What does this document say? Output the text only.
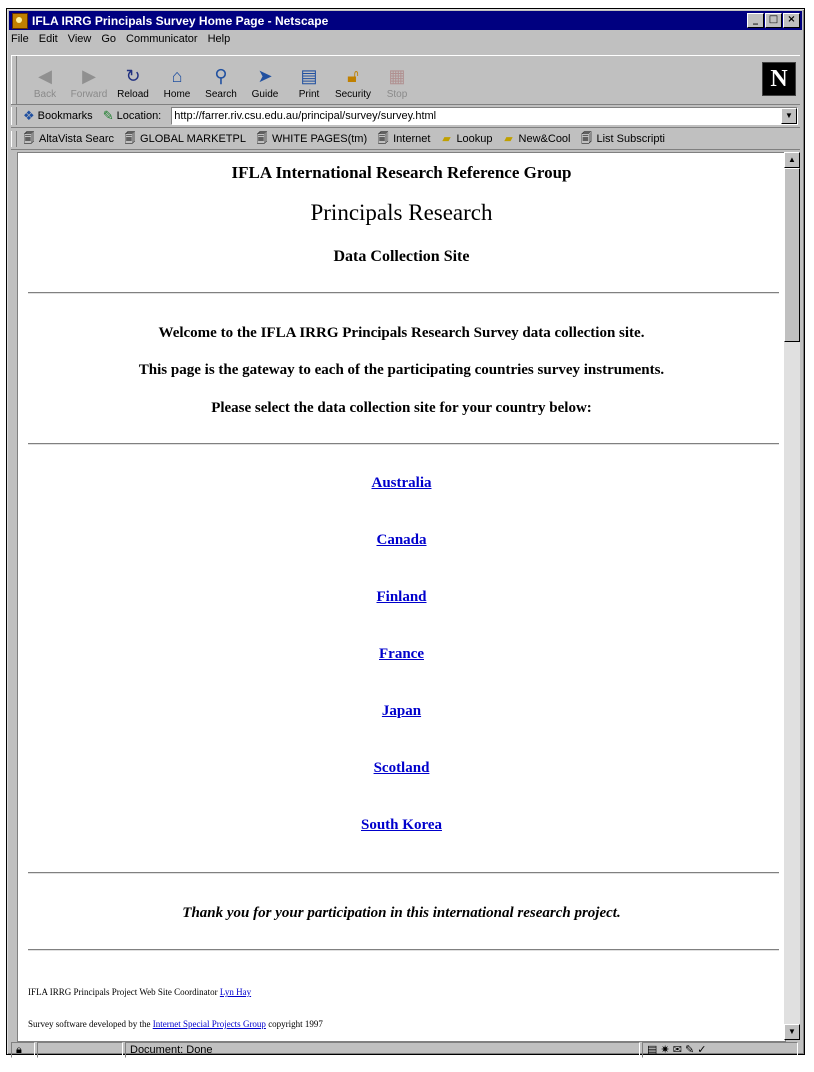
IFLA IRRG Principals Survey Home Page - Netscape	_	□ ×
File Edit View Go Communicator Help
◀
Back
▶
Forward
↻
Reload
⌂
Home
⚲
Search
➤
Guide
▤
Print
🔓︎
Security
▦
Stop
N
❖ Bookmarks ✎ Location: http://farrer.riv.csu.edu.au/principal/survey/survey.html	▼
🗐︎ AltaVista Searc 🗐︎ GLOBAL MARKETPL 🗐︎ WHITE PAGES(tm) 🗐︎ Internet ▰ Lookup ▰ New&Cool 🗐︎ List Subscripti
IFLA International Research Reference Group
Principals Research
Data Collection Site
Welcome to the IFLA IRRG Principals Research Survey data collection site.
This page is the gateway to each of the participating countries survey instruments.
Please select the data collection site for your country below:
Australia
Canada
Finland
France
Japan
Scotland
South Korea
Thank you for your participation in this international research project.
IFLA IRRG Principals Project Web Site Coordinator Lyn Hay
Survey software developed by the Internet Special Projects Group copyright 1997
▲
▼
🔒︎	Document: Done	▤ ✷ ✉ ✎ ✓
